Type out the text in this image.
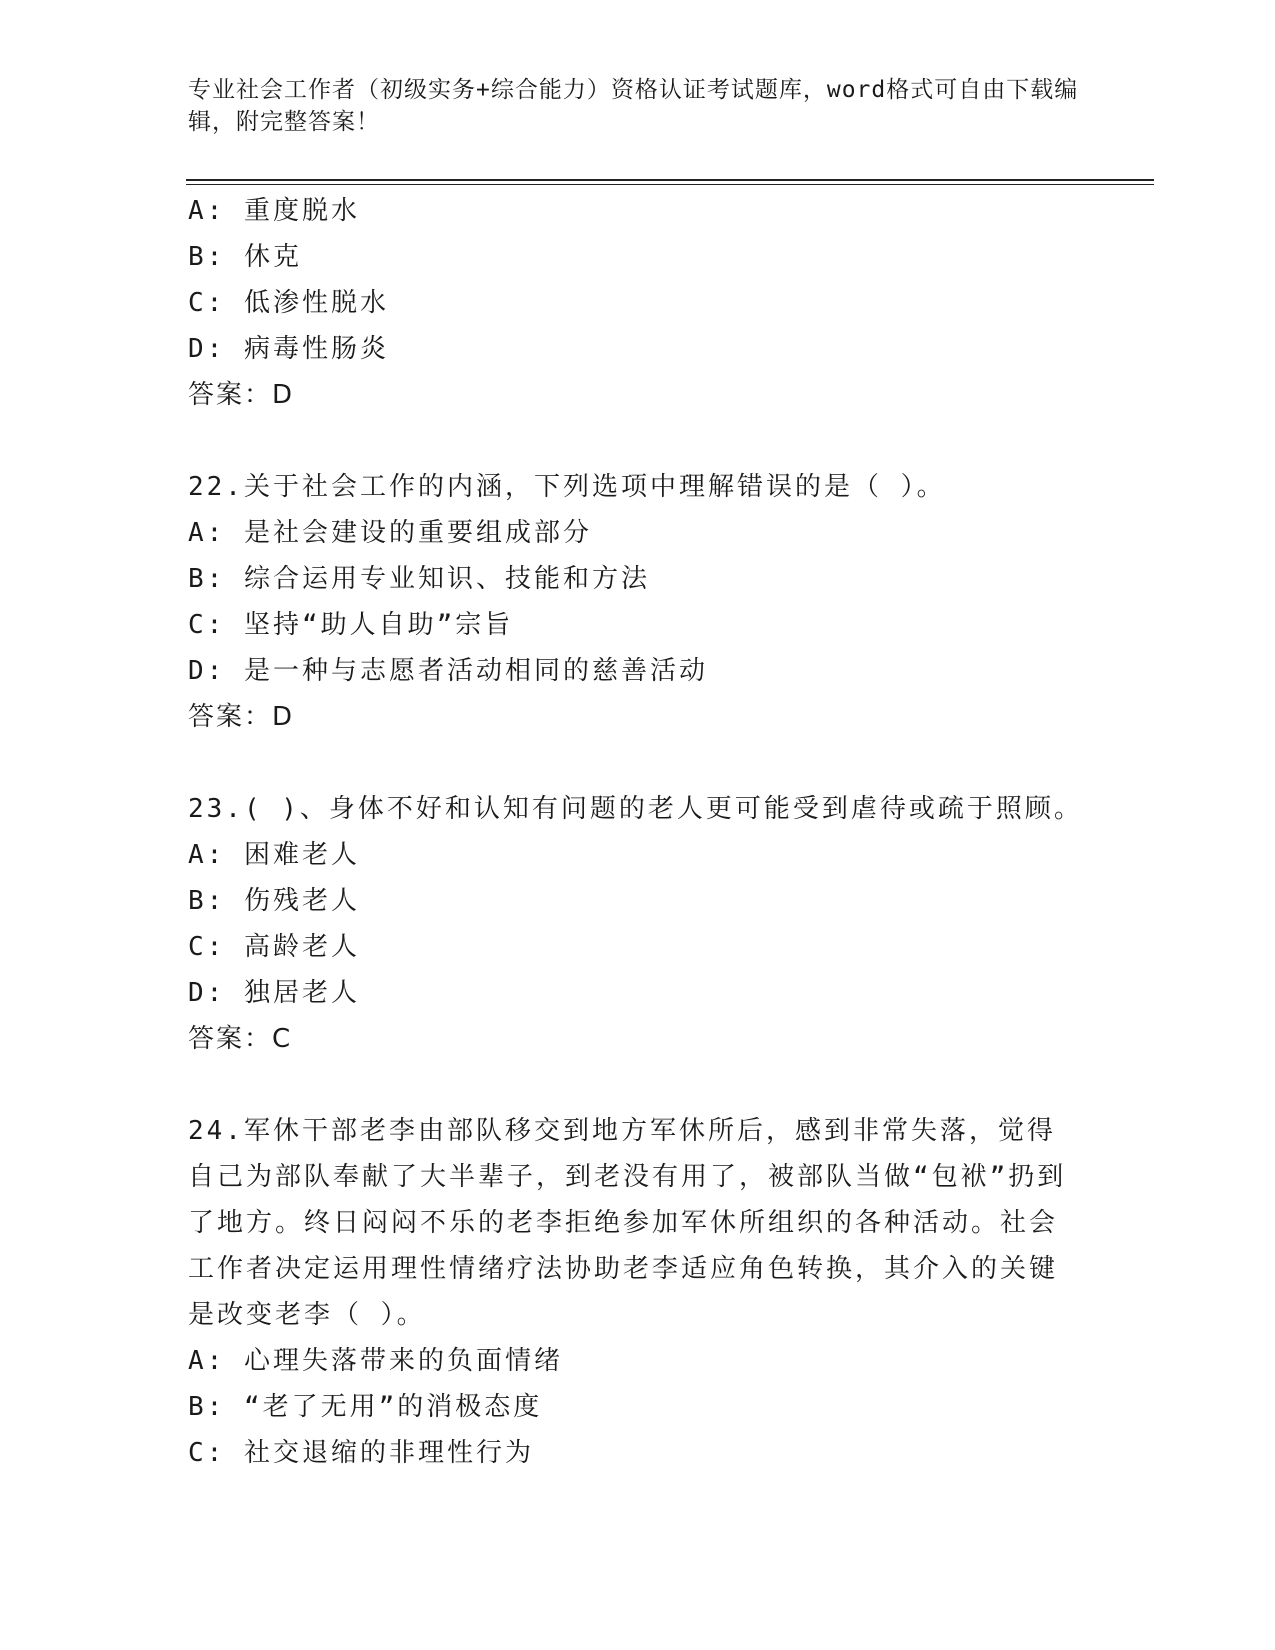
专业社会工作者（初级实务+综合能力）资格认证考试题库，word格式可自由下载编辑，附完整答案！
A: 重度脱水
B: 休克
C: 低渗性脱水
D: 病毒性肠炎
答案：D
22.关于社会工作的内涵，下列选项中理解错误的是（ ）。
A: 是社会建设的重要组成部分
B: 综合运用专业知识、技能和方法
C: 坚持“助人自助”宗旨
D: 是一种与志愿者活动相同的慈善活动
答案：D
23.( )、身体不好和认知有问题的老人更可能受到虐待或疏于照顾。
A: 困难老人
B: 伤残老人
C: 高龄老人
D: 独居老人
答案：C
24.军休干部老李由部队移交到地方军休所后，感到非常失落，觉得自己为部队奉献了大半辈子，到老没有用了，被部队当做“包袱”扔到了地方。终日闷闷不乐的老李拒绝参加军休所组织的各种活动。社会工作者决定运用理性情绪疗法协助老李适应角色转换，其介入的关键是改变老李（ ）。
A: 心理失落带来的负面情绪
B: “老了无用”的消极态度
C: 社交退缩的非理性行为
